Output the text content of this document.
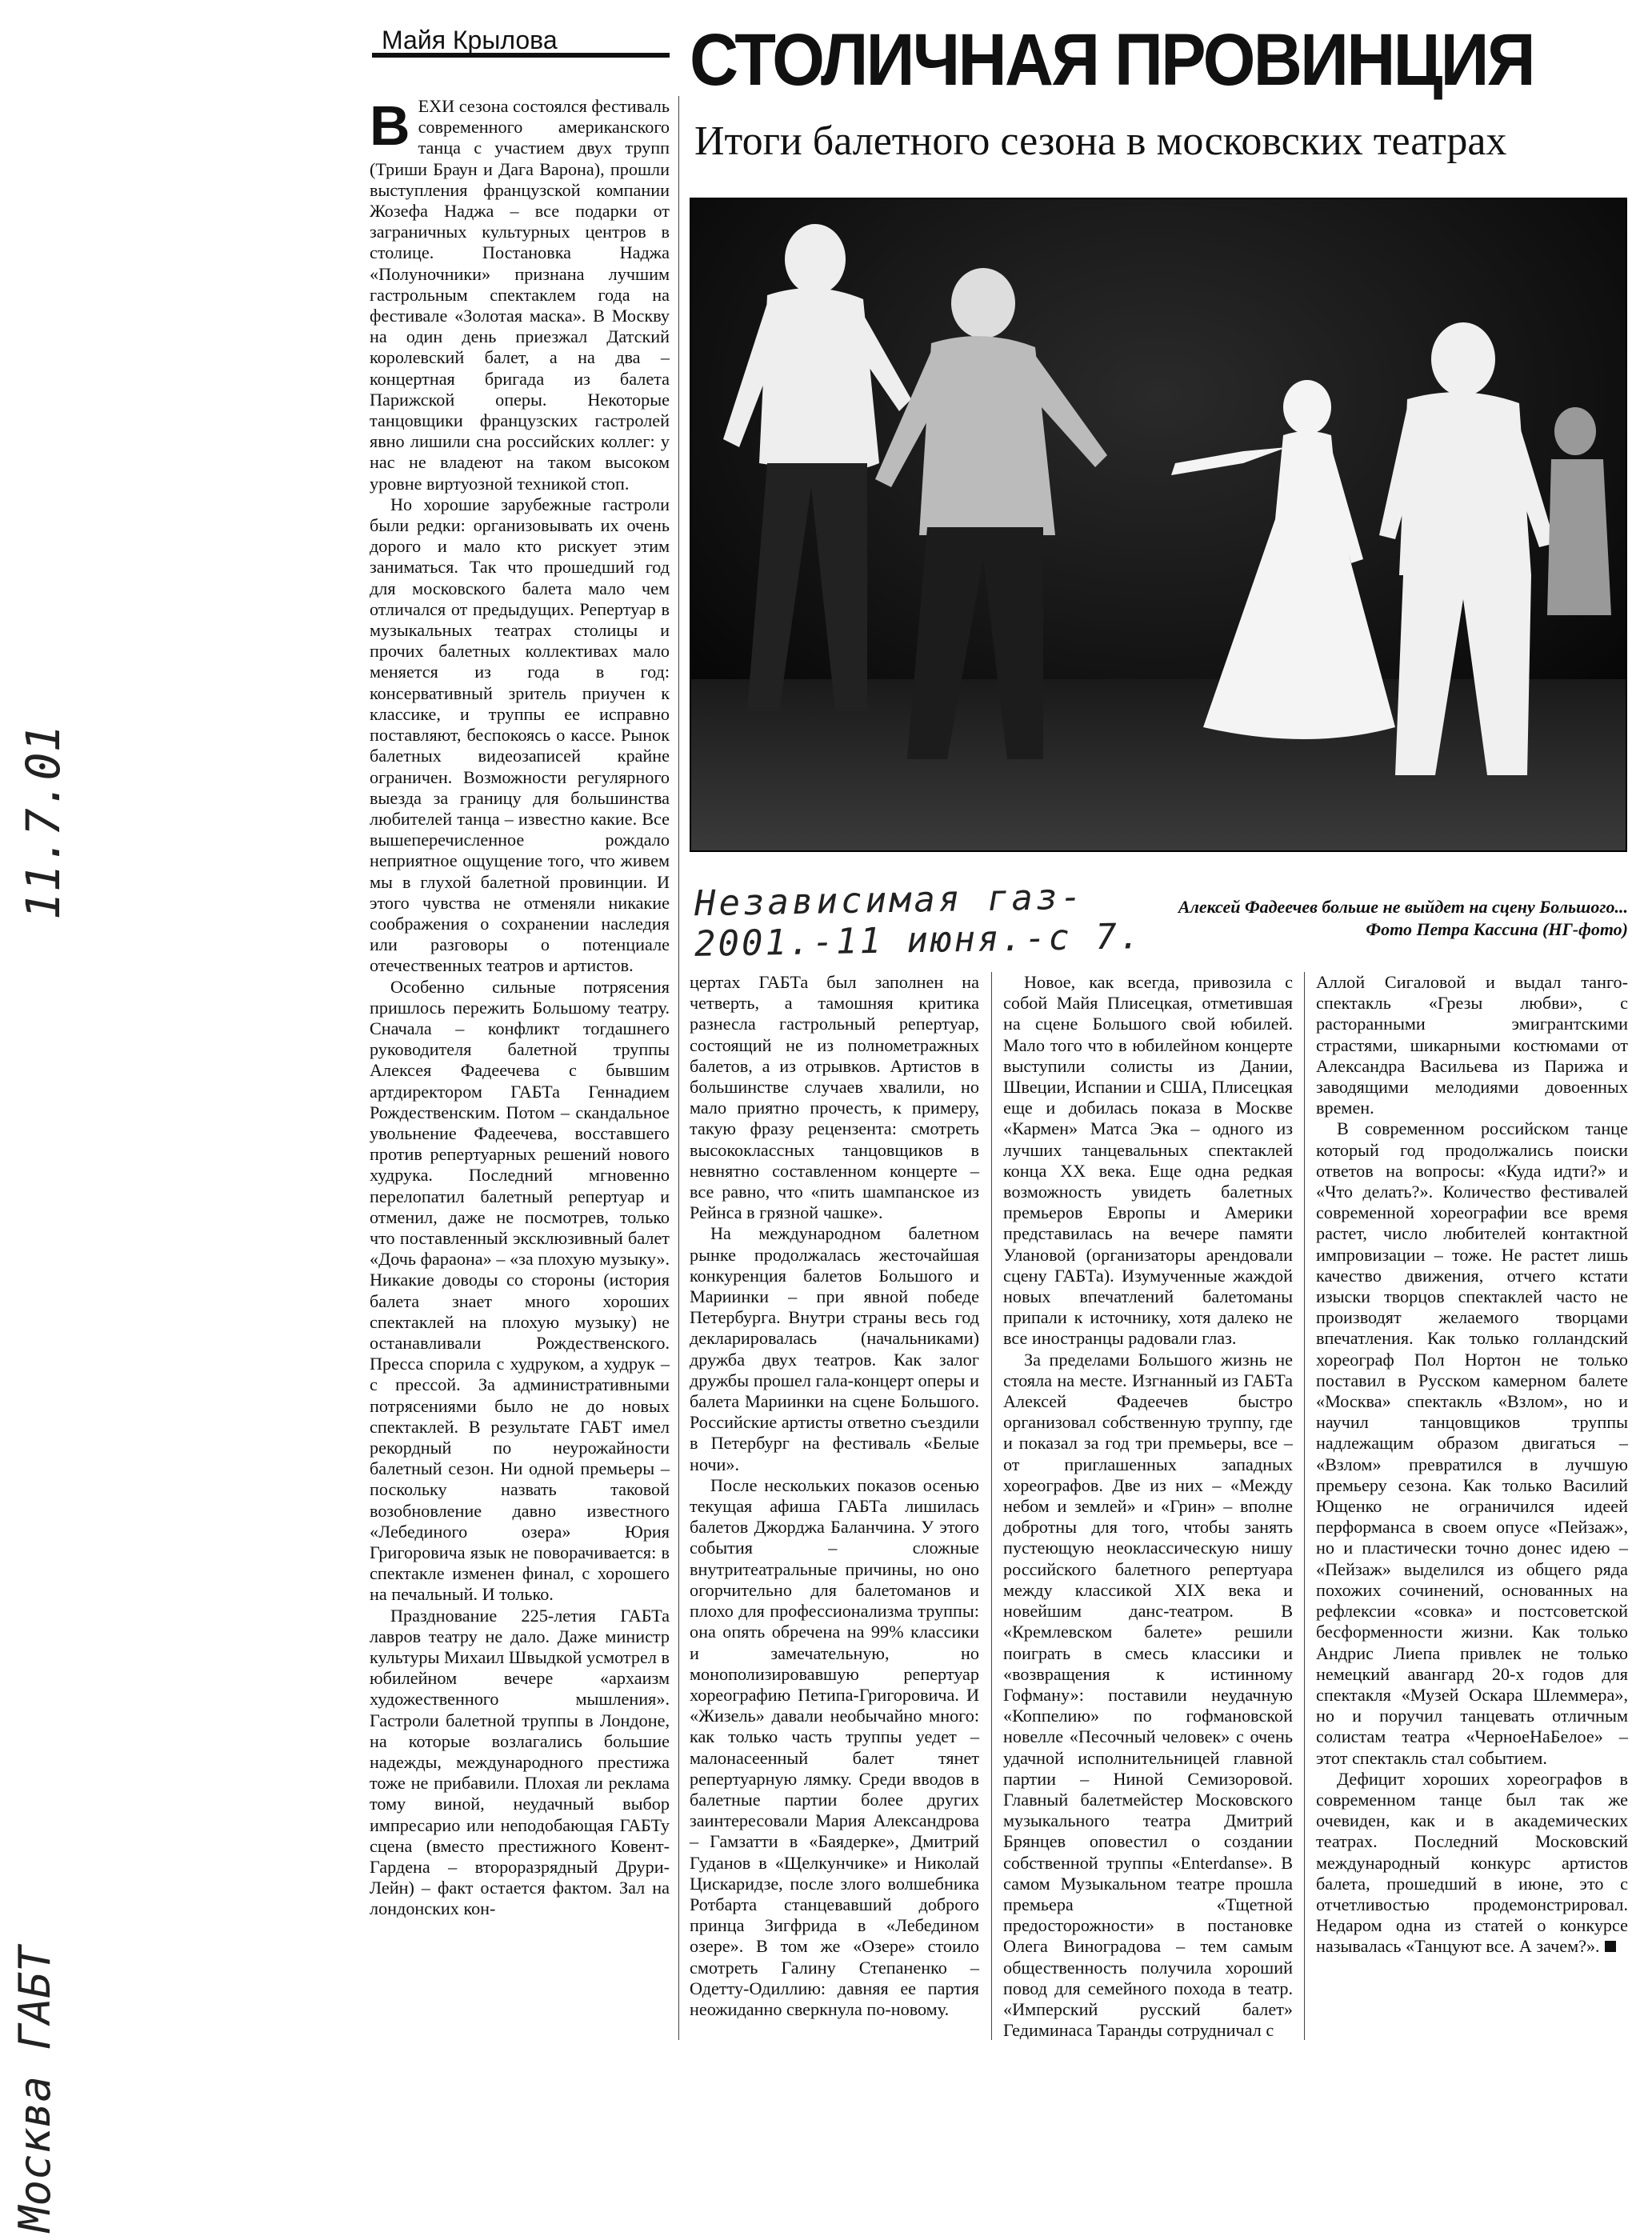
Майя Крылова	СТОЛИЧНАЯ ПРОВИНЦИЯ
Итоги балетного сезона в московских театрах
Независимая газ-
2001.-11 июня.-с 7.
Алексей Фадеечев больше не выйдет на сцену Большого...
Фото Петра Кассина (НГ-фото)
11.7.01
Москва ГАБТ
В ЕХИ сезона состоялся фестиваль современного американского танца с участием двух трупп (Триши Браун и Дага Варона), прошли выступления французской компании Жозефа Наджа – все подарки от заграничных культурных центров в столице. Постановка Наджа «Полуночники» признана лучшим гастрольным спектаклем года на фестивале «Золотая маска». В Москву на один день приезжал Датский королевский балет, а на два – концертная бригада из балета Парижской оперы. Некоторые танцовщики французских гастролей явно лишили сна российских коллег: у нас не владеют на таком высоком уровне виртуозной техникой стоп.

Но хорошие зарубежные гастроли были редки: организовывать их очень дорого и мало кто рискует этим заниматься. Так что прошедший год для московского балета мало чем отличался от предыдущих. Репертуар в музыкальных театрах столицы и прочих балетных коллективах мало меняется из года в год: консервативный зритель приучен к классике, и труппы ее исправно поставляют, беспокоясь о кассе. Рынок балетных видеозаписей крайне ограничен. Возможности регулярного выезда за границу для большинства любителей танца – известно какие. Все вышеперечисленное рождало неприятное ощущение того, что живем мы в глухой балетной провинции. И этого чувства не отменяли никакие соображения о сохранении наследия или разговоры о потенциале отечественных театров и артистов.

Особенно сильные потрясения пришлось пережить Большому театру. Сначала – конфликт тогдашнего руководителя балетной труппы Алексея Фадеечева с бывшим артдиректором ГАБТа Геннадием Рождественским. Потом – скандальное увольнение Фадеечева, восставшего против репертуарных решений нового худрука. Последний мгновенно перелопатил балетный репертуар и отменил, даже не посмотрев, только что поставленный эксклюзивный балет «Дочь фараона» – «за плохую музыку». Никакие доводы со стороны (история балета знает много хороших спектаклей на плохую музыку) не останавливали Рождественского. Пресса спорила с худруком, а худрук – с прессой. За административными потрясениями было не до новых спектаклей. В результате ГАБТ имел рекордный по неурожайности балетный сезон. Ни одной премьеры – поскольку назвать таковой возобновление давно известного «Лебединого озера» Юрия Григоровича язык не поворачивается: в спектакле изменен финал, с хорошего на печальный. И только.

Празднование 225-летия ГАБТа лавров театру не дало. Даже министр культуры Михаил Швыдкой усмотрел в юбилейном вечере «архаизм художественного мышления». Гастроли балетной труппы в Лондоне, на которые возлагались большие надежды, международного престижа тоже не прибавили. Плохая ли реклама тому виной, неудачный выбор импресарио или неподобающая ГАБТу сцена (вместо престижного Ковент-Гардена – второразрядный Друри-Лейн) – факт остается фактом. Зал на лондонских кон-

цертах ГАБТа был заполнен на четверть, а тамошняя критика разнесла гастрольный репертуар, состоящий не из полнометражных балетов, а из отрывков. Артистов в большинстве случаев хвалили, но мало приятно прочесть, к примеру, такую фразу рецензента: смотреть высококлассных танцовщиков в невнятно составленном концерте – все равно, что «пить шампанское из Рейнса в грязной чашке».

На международном балетном рынке продолжалась жесточайшая конкуренция балетов Большого и Мариинки – при явной победе Петербурга. Внутри страны весь год декларировалась (начальниками) дружба двух театров. Как залог дружбы прошел гала-концерт оперы и балета Мариинки на сцене Большого. Российские артисты ответно съездили в Петербург на фестиваль «Белые ночи».

После нескольких показов осенью текущая афиша ГАБТа лишилась балетов Джорджа Баланчина. У этого события – сложные внутритеатральные причины, но оно огорчительно для балетоманов и плохо для профессионализма труппы: она опять обречена на 99% классики и замечательную, но монополизировавшую репертуар хореографию Петипа-Григоровича. И «Жизель» давали необычайно много: как только часть труппы уедет – малонасеенный балет тянет репертуарную лямку. Среди вводов в балетные партии более других заинтересовали Мария Александрова – Гамзатти в «Баядерке», Дмитрий Гуданов в «Щелкунчике» и Николай Цискаридзе, после злого волшебника Ротбарта станцевавший доброго принца Зигфрида в «Лебедином озере». В том же «Озере» стоило смотреть Галину Степаненко – Одетту-Одиллию: давняя ее партия неожиданно сверкнула по-новому.

Новое, как всегда, привозила с собой Майя Плисецкая, отметившая на сцене Большого свой юбилей. Мало того что в юбилейном концерте выступили солисты из Дании, Швеции, Испании и США, Плисецкая еще и добилась показа в Москве «Кармен» Матса Эка – одного из лучших танцевальных спектаклей конца XX века. Еще одна редкая возможность увидеть балетных премьеров Европы и Америки представилась на вечере памяти Улановой (организаторы арендовали сцену ГАБТа). Изумученные жаждой новых впечатлений балетоманы припали к источнику, хотя далеко не все иностранцы радовали глаз.

За пределами Большого жизнь не стояла на месте. Изгнанный из ГАБТа Алексей Фадеечев быстро организовал собственную труппу, где и показал за год три премьеры, все – от приглашенных западных хореографов. Две из них – «Между небом и землей» и «Грин» – вполне добротны для того, чтобы занять пустеющую неоклассическую нишу российского балетного репертуара между классикой XIX века и новейшим данс-театром. В «Кремлевском балете» решили поиграть в смесь классики и «возвращения к истинному Гофману»: поставили неудачную «Коппелию» по гофмановской новелле «Песочный человек» с очень удачной исполнительницей главной партии – Ниной Семизоровой. Главный балетмейстер Московского музыкального театра Дмитрий Брянцев оповестил о создании собственной труппы «Enterdanse». В самом Музыкальном театре прошла премьера «Тщетной предосторожности» в постановке Олега Виноградова – тем самым общественность получила хороший повод для семейного похода в театр. «Имперский русский балет» Гедиминаса Таранды сотрудничал с

Аллой Сигаловой и выдал танго-спектакль «Грезы любви», с расторанными эмигрантскими страстями, шикарными костюмами от Александра Васильева из Парижа и заводящими мелодиями довоенных времен.

В современном российском танце который год продолжались поиски ответов на вопросы: «Куда идти?» и «Что делать?». Количество фестивалей современной хореографии все время растет, число любителей контактной импровизации – тоже. Не растет лишь качество движения, отчего кстати изыски творцов спектаклей часто не производят желаемого творцами впечатления. Как только голландский хореограф Пол Нортон не только поставил в Русском камерном балете «Москва» спектакль «Взлом», но и научил танцовщиков труппы надлежащим образом двигаться – «Взлом» превратился в лучшую премьеру сезона. Как только Василий Ющенко не ограничился идеей перформанса в своем опусе «Пейзаж», но и пластически точно донес идею – «Пейзаж» выделился из общего ряда похожих сочинений, основанных на рефлексии «совка» и постсоветской бесформенности жизни. Как только Андрис Лиепа привлек не только немецкий авангард 20-х годов для спектакля «Музей Оскара Шлеммера», но и поручил танцевать отличным солистам театра «ЧерноеНаБелое» – этот спектакль стал событием.

Дефицит хороших хореографов в современном танце был так же очевиден, как и в академических театрах. Последний Московский международный конкурс артистов балета, прошедший в июне, это с отчетливостью продемонстрировал. Недаром одна из статей о конкурсе называлась «Танцуют все. А зачем?».
